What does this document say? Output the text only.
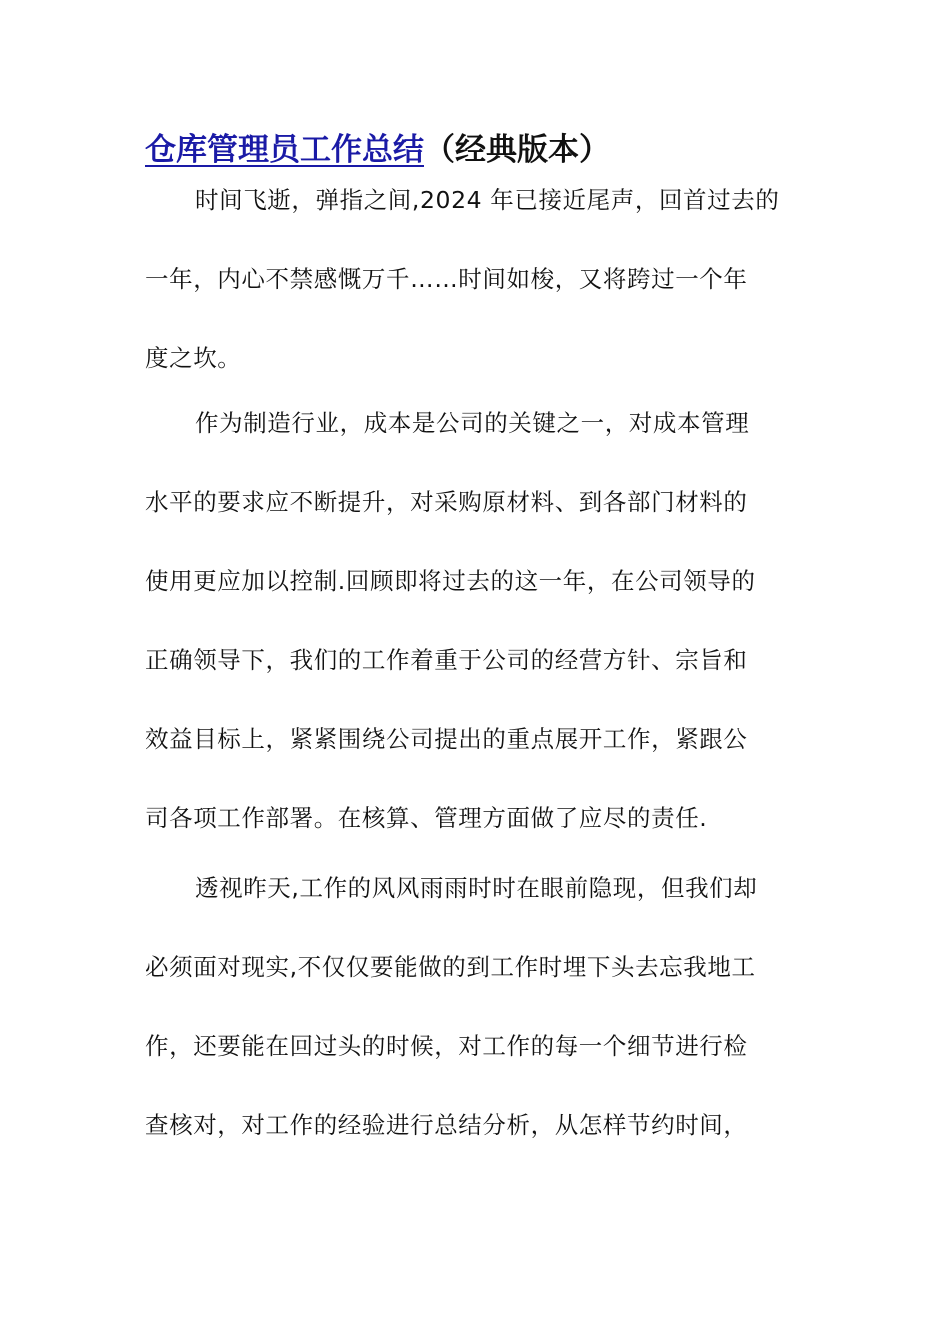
仓库管理员工作总结（经典版本）
时间飞逝，弹指之间,2024 年已接近尾声，回首过去的
一年，内心不禁感慨万千……时间如梭，又将跨过一个年
度之坎。
作为制造行业，成本是公司的关键之一，对成本管理
水平的要求应不断提升，对采购原材料、到各部门材料的
使用更应加以控制.回顾即将过去的这一年，在公司领导的
正确领导下，我们的工作着重于公司的经营方针、宗旨和
效益目标上，紧紧围绕公司提出的重点展开工作，紧跟公
司各项工作部署。在核算、管理方面做了应尽的责任.
透视昨天,工作的风风雨雨时时在眼前隐现，但我们却
必须面对现实,不仅仅要能做的到工作时埋下头去忘我地工
作，还要能在回过头的时候，对工作的每一个细节进行检
查核对，对工作的经验进行总结分析，从怎样节约时间，
